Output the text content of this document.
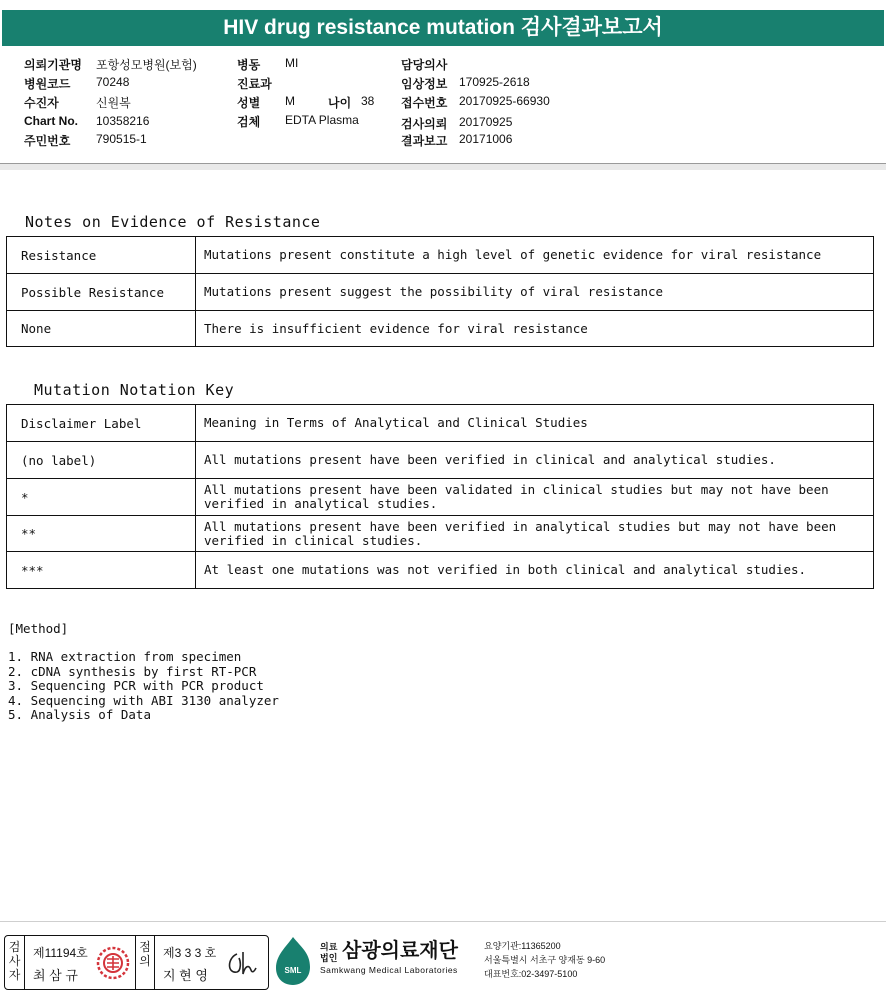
HIV drug resistance mutation 검사결과보고서
의뢰기관명 포항성모병원(보험)
병원코드 70248
수진자	신원복
Chart No. 10358216
주민번호 790515-1
병동 MI
진료과
성별 M	나이 38
검체 EDTA Plasma
담당의사
임상정보 170925-2618
접수번호 20170925-66930
검사의뢰 20170925
결과보고 20171006
Notes on Evidence of Resistance
Resistance	Mutations present constitute a high level of genetic evidence for viral resistance
Possible Resistance	Mutations present suggest the possibility of viral resistance
None	There is insufficient evidence for viral resistance
Mutation Notation Key
Disclaimer Label	Meaning in Terms of Analytical and Clinical Studies
(no label)	All mutations present have been verified in clinical and analytical studies.
*	All mutations present have been validated in clinical studies but may not have been verified in analytical studies.
**	All mutations present have been verified in analytical studies but may not have been verified in clinical studies.
***	At least one mutations was not verified in both clinical and analytical studies.
[Method]
1. RNA extraction from specimen
2. cDNA synthesis by first RT-PCR
3. Sequencing PCR with PCR product
4. Sequencing with ABI 3130 analyzer
5. Analysis of Data
검사자
제11194호
최 삼 규
점의
제3 3 3 호
지 현 영	SML
의료
법인 삼광의료재단
Samkwang Medical Laboratories
요양기관:11365200
서울특별시 서초구 양재동 9-60
대표번호:02-3497-5100
